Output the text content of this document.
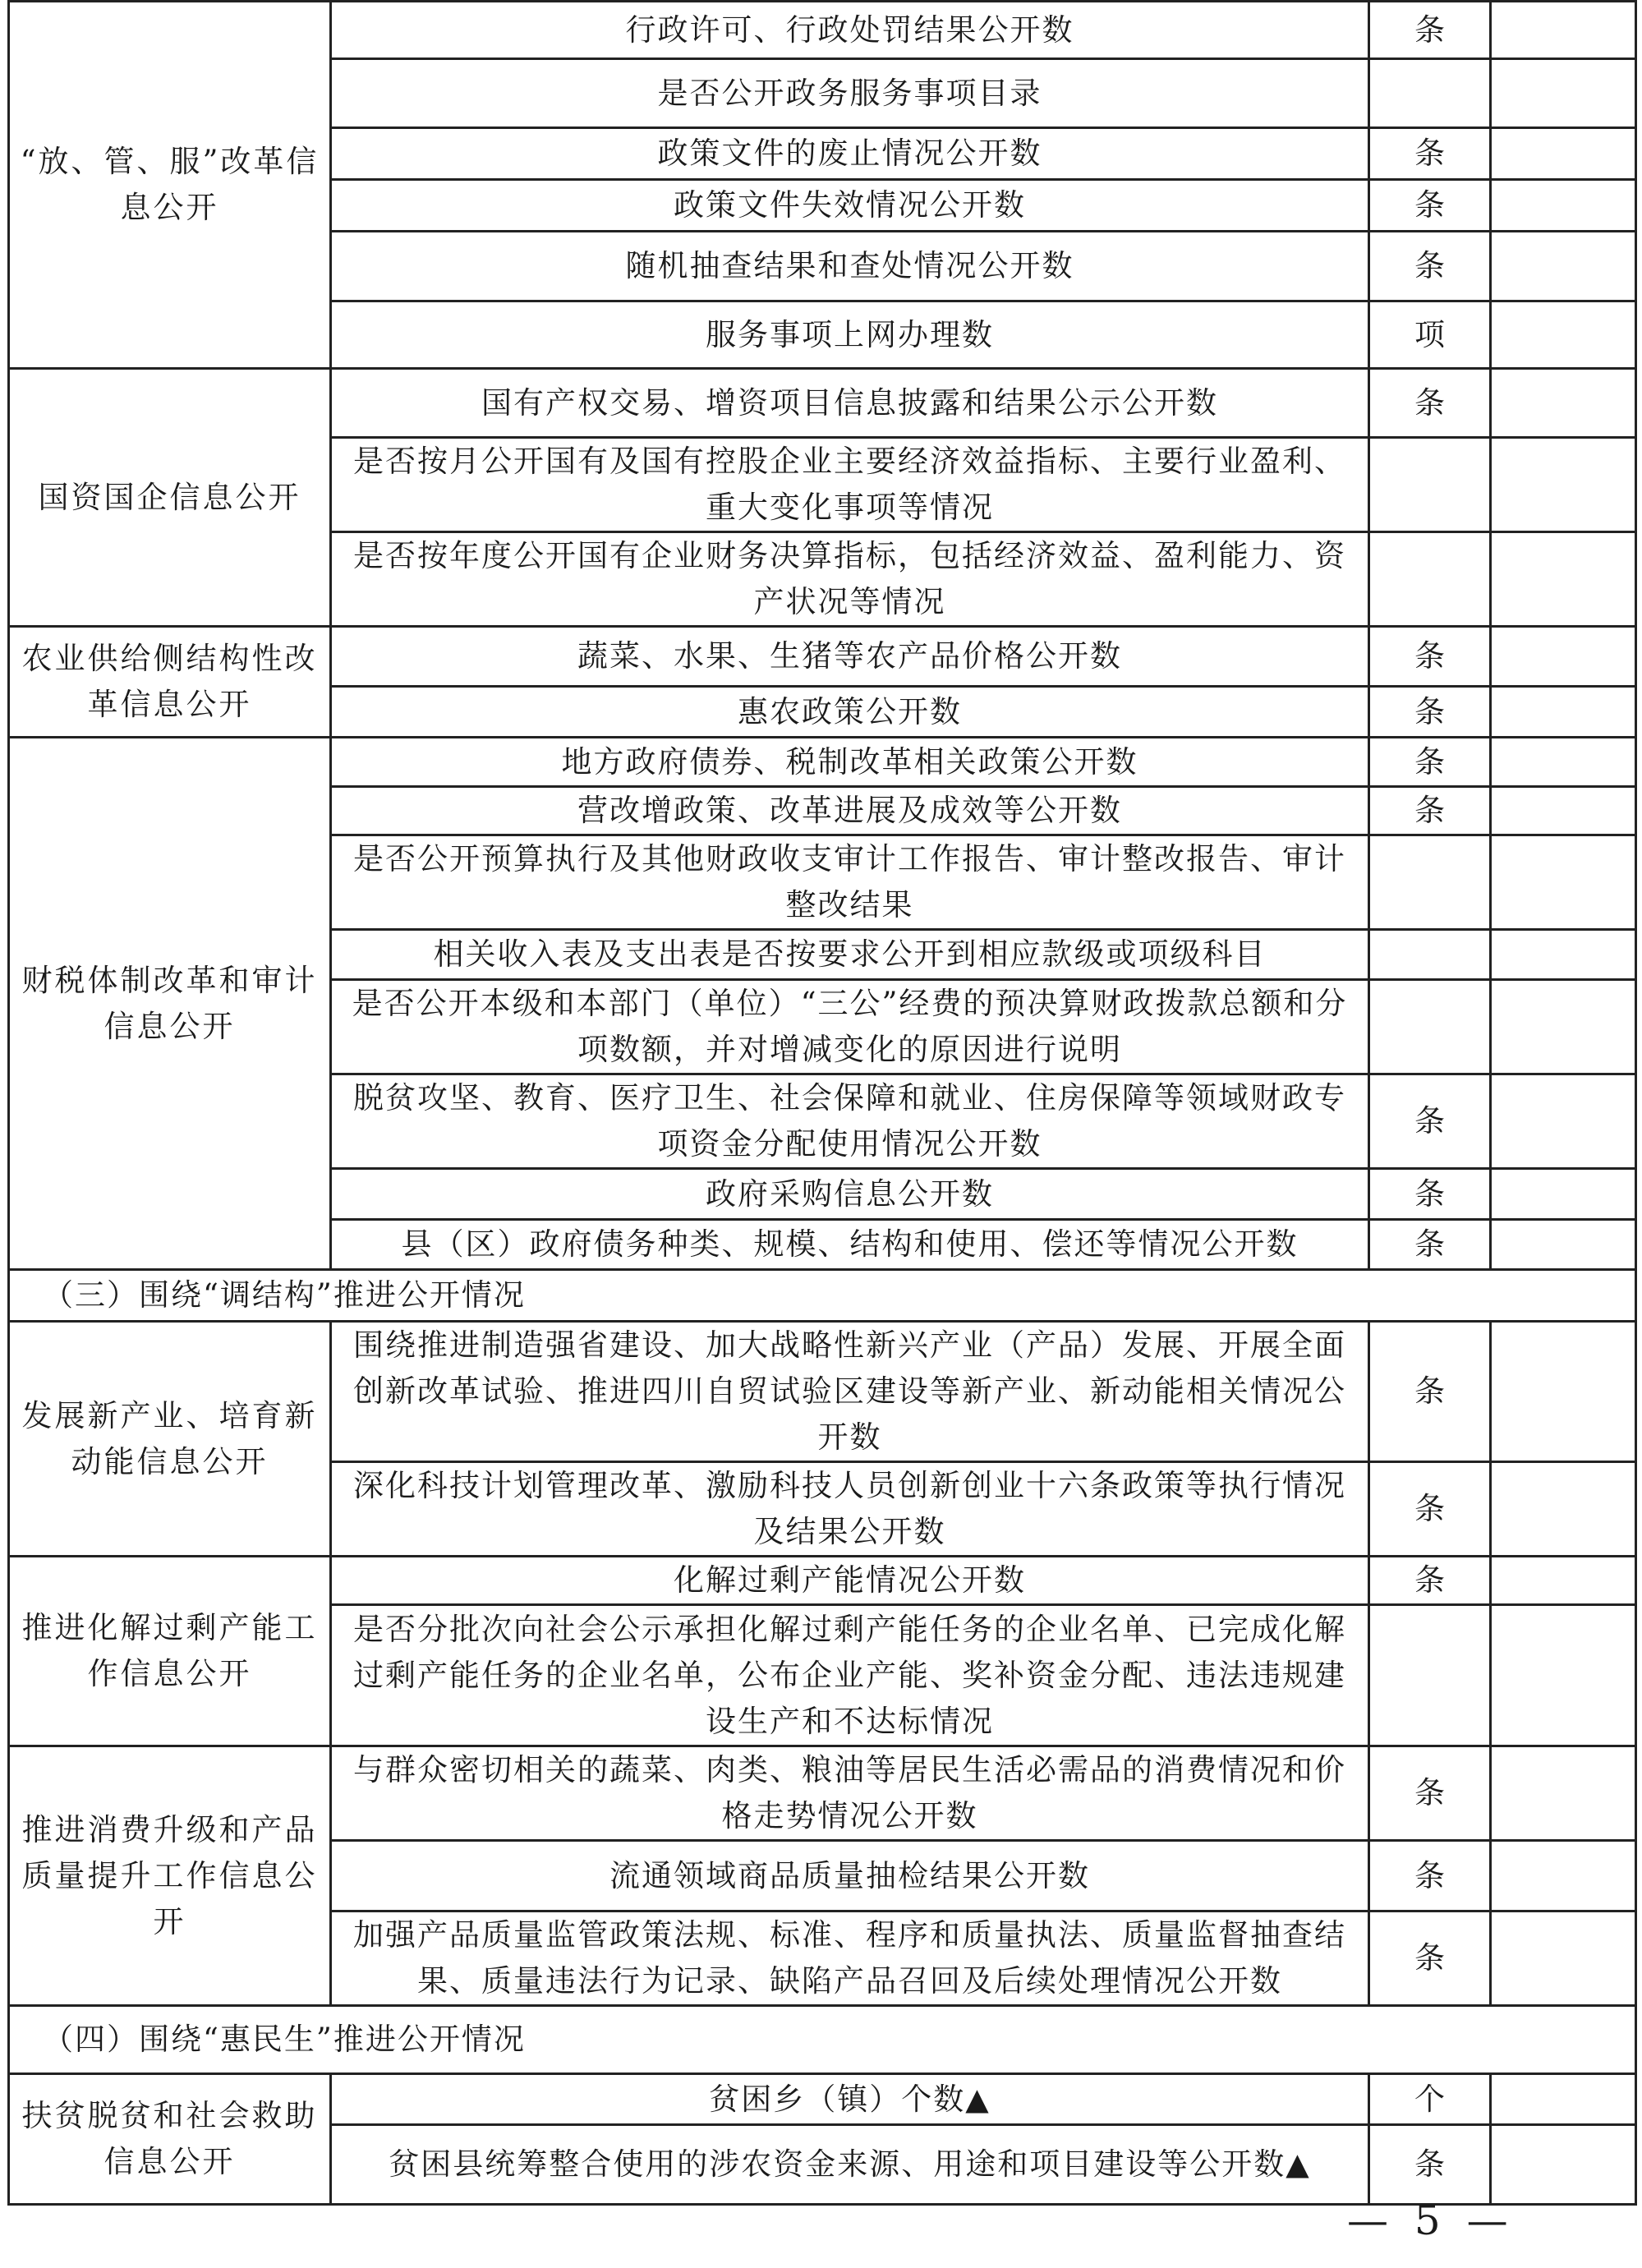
“放、管、服”改革信息公开	行政许可、行政处罚结果公开数	条	
	是否公开政务服务事项目录		
	政策文件的废止情况公开数	条	
	政策文件失效情况公开数	条	
	随机抽查结果和查处情况公开数	条	
	服务事项上网办理数	项	
国资国企信息公开	国有产权交易、增资项目信息披露和结果公示公开数	条	
	是否按月公开国有及国有控股企业主要经济效益指标、主要行业盈利、重大变化事项等情况		
	是否按年度公开国有企业财务决算指标，包括经济效益、盈利能力、资产状况等情况		
农业供给侧结构性改革信息公开	蔬菜、水果、生猪等农产品价格公开数	条	
	惠农政策公开数	条	
财税体制改革和审计信息公开	地方政府债券、税制改革相关政策公开数	条	
	营改增政策、改革进展及成效等公开数	条	
	是否公开预算执行及其他财政收支审计工作报告、审计整改报告、审计整改结果		
	相关收入表及支出表是否按要求公开到相应款级或项级科目		
	是否公开本级和本部门（单位）“三公”经费的预决算财政拨款总额和分项数额，并对增减变化的原因进行说明		
	脱贫攻坚、教育、医疗卫生、社会保障和就业、住房保障等领域财政专项资金分配使用情况公开数	条	
	政府采购信息公开数	条	
	县（区）政府债务种类、规模、结构和使用、偿还等情况公开数	条	
（三）围绕“调结构”推进公开情况			
发展新产业、培育新动能信息公开	围绕推进制造强省建设、加大战略性新兴产业（产品）发展、开展全面创新改革试验、推进四川自贸试验区建设等新产业、新动能相关情况公开数	条	
	深化科技计划管理改革、激励科技人员创新创业十六条政策等执行情况及结果公开数	条	
推进化解过剩产能工作信息公开	化解过剩产能情况公开数	条	
	是否分批次向社会公示承担化解过剩产能任务的企业名单、已完成化解过剩产能任务的企业名单，公布企业产能、奖补资金分配、违法违规建设生产和不达标情况		
推进消费升级和产品质量提升工作信息公开	与群众密切相关的蔬菜、肉类、粮油等居民生活必需品的消费情况和价格走势情况公开数	条	
	流通领域商品质量抽检结果公开数	条	
	加强产品质量监管政策法规、标准、程序和质量执法、质量监督抽查结果、质量违法行为记录、缺陷产品召回及后续处理情况公开数	条	
（四）围绕“惠民生”推进公开情况			
扶贫脱贫和社会救助信息公开	贫困乡（镇）个数▲	个	
	贫困县统筹整合使用的涉农资金来源、用途和项目建设等公开数▲	条	
— 5 —
